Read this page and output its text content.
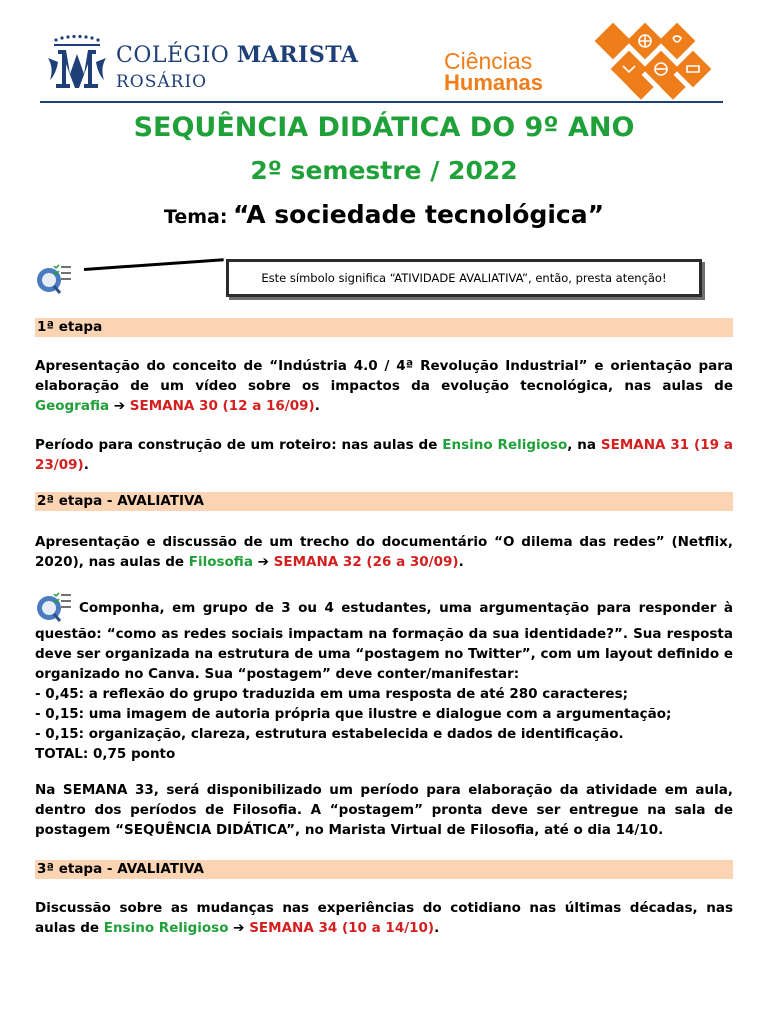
COLÉGIO MARISTA
ROSÁRIO
Ciências
Humanas
SEQUÊNCIA DIDÁTICA DO 9º ANO
2º semestre / 2022
Tema: “A sociedade tecnológica”
Este símbolo significa “ATIVIDADE AVALIATIVA”, então, presta atenção!
1ª etapa

Apresentação do conceito de “Indústria 4.0 / 4ª Revolução Industrial” e orientação para elaboração de um vídeo sobre os impactos da evolução tecnológica, nas aulas de Geografia ➔ SEMANA 30 (12 a 16/09).

Período para construção de um roteiro: nas aulas de Ensino Religioso, na SEMANA 31 (19 a 23/09).

2ª etapa - AVALIATIVA

Apresentação e discussão de um trecho do documentário “O dilema das redes” (Netflix, 2020), nas aulas de Filosofia ➔ SEMANA 32 (26 a 30/09).

Componha, em grupo de 3 ou 4 estudantes, uma argumentação para responder à questão: “como as redes sociais impactam na formação da sua identidade?”. Sua resposta deve ser organizada na estrutura de uma “postagem no Twitter”, com um layout definido e organizado no Canva. Sua “postagem” deve conter/manifestar:

- 0,45: a reflexão do grupo traduzida em uma resposta de até 280 caracteres;

- 0,15: uma imagem de autoria própria que ilustre e dialogue com a argumentação;

- 0,15: organização, clareza, estrutura estabelecida e dados de identificação.

TOTAL: 0,75 ponto

Na SEMANA 33, será disponibilizado um período para elaboração da atividade em aula, dentro dos períodos de Filosofia. A “postagem” pronta deve ser entregue na sala de postagem “SEQUÊNCIA DIDÁTICA”, no Marista Virtual de Filosofia, até o dia 14/10.

3ª etapa - AVALIATIVA

Discussão sobre as mudanças nas experiências do cotidiano nas últimas décadas, nas aulas de Ensino Religioso ➔ SEMANA 34 (10 a 14/10).
